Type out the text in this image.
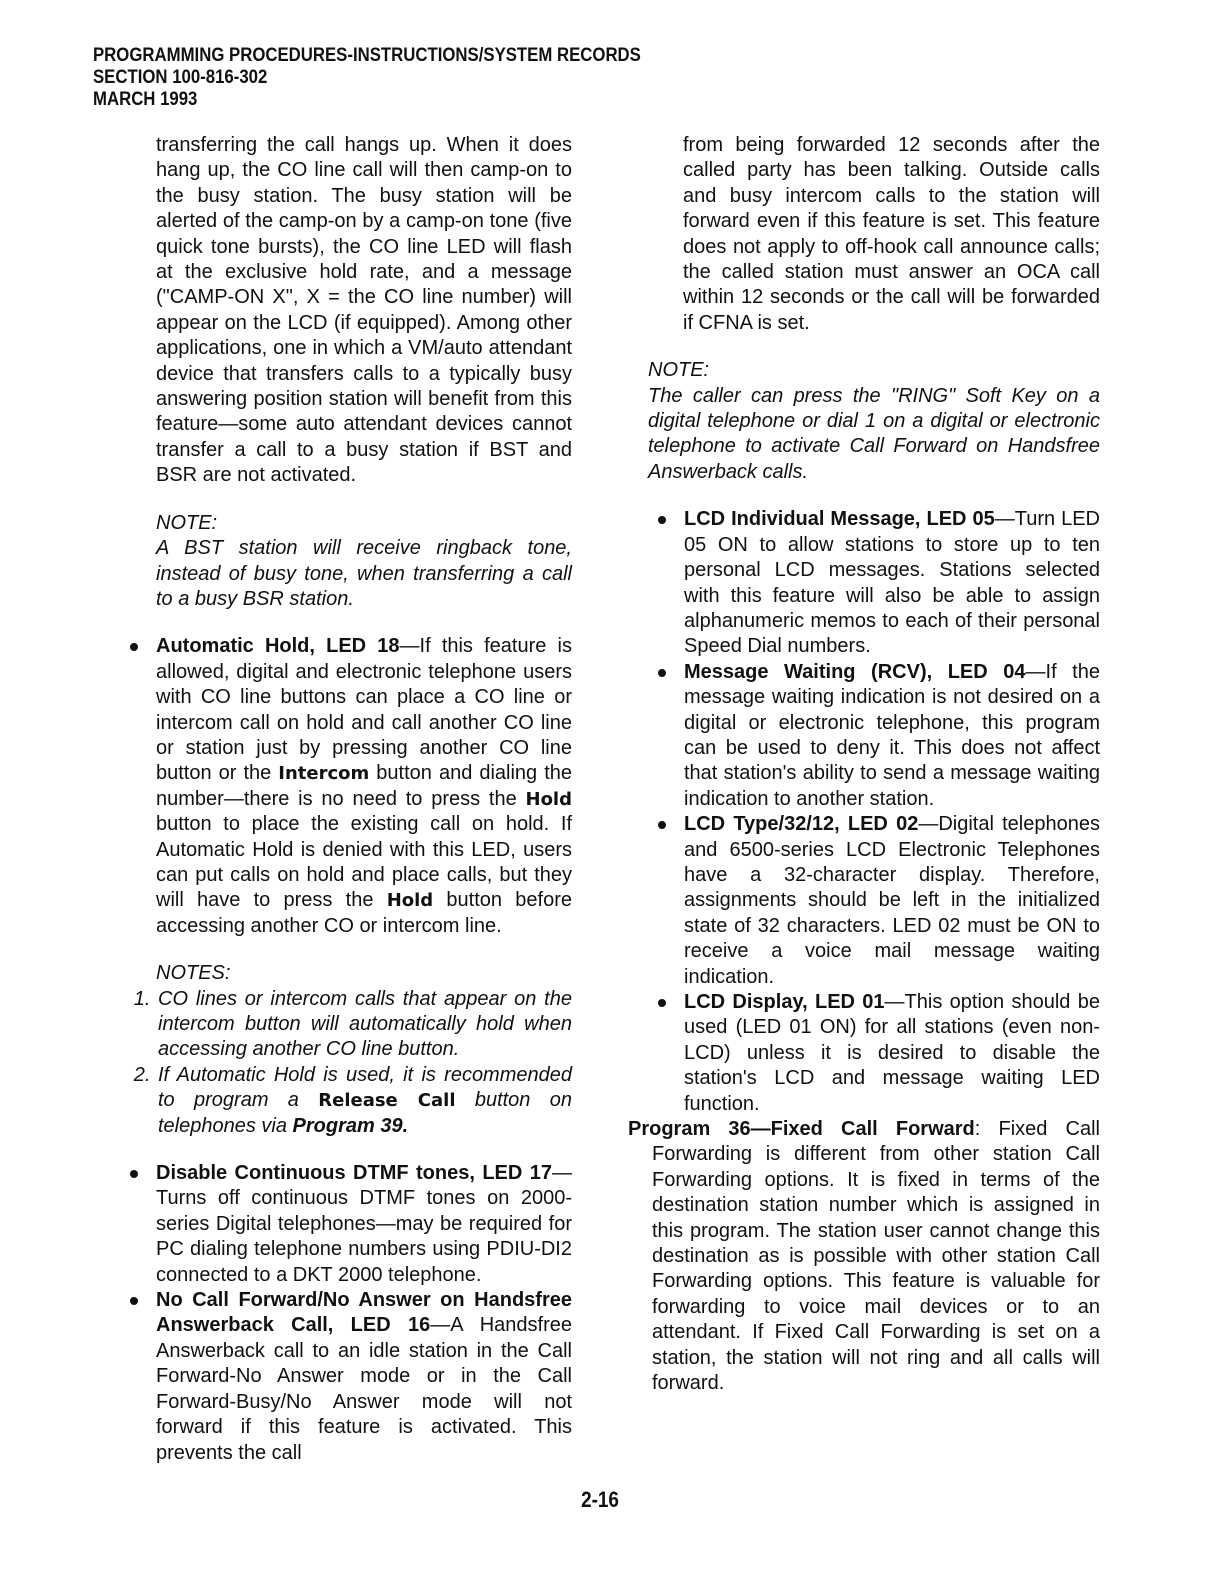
PROGRAMMING PROCEDURES-INSTRUCTIONS/SYSTEM RECORDS
SECTION 100-816-302
MARCH 1993

transferring the call hangs up. When it does hang up, the CO line call will then camp-on to the busy station. The busy station will be alerted of the camp-on by a camp-on tone (five quick tone bursts), the CO line LED will flash at the exclusive hold rate, and a message ("CAMP-ON X", X = the CO line number) will appear on the LCD (if equipped). Among other applications, one in which a VM/auto attendant device that transfers calls to a typically busy answering position station will benefit from this feature—some auto attendant devices cannot transfer a call to a busy station if BST and BSR are not activated.

NOTE:

A BST station will receive ringback tone, instead of busy tone, when transferring a call to a busy BSR station.

Automatic Hold, LED 18—If this feature is allowed, digital and electronic telephone users with CO line buttons can place a CO line or intercom call on hold and call another CO line or station just by pressing another CO line button or the Intercom button and dialing the number—there is no need to press the Hold button to place the existing call on hold. If Automatic Hold is denied with this LED, users can put calls on hold and place calls, but they will have to press the Hold button before accessing another CO or intercom line.

NOTES:

1. CO lines or intercom calls that appear on the intercom button will automatically hold when accessing another CO line button.
2. If Automatic Hold is used, it is recommended to program a Release Call button on telephones via Program 39.

Disable Continuous DTMF tones, LED 17— Turns off continuous DTMF tones on 2000-series Digital telephones—may be required for PC dialing telephone numbers using PDIU-DI2 connected to a DKT 2000 telephone.

No Call Forward/No Answer on Handsfree Answerback Call, LED 16—A Handsfree Answerback call to an idle station in the Call Forward-No Answer mode or in the Call Forward-Busy/No Answer mode will not forward if this feature is activated. This prevents the call

from being forwarded 12 seconds after the called party has been talking. Outside calls and busy intercom calls to the station will forward even if this feature is set. This feature does not apply to off-hook call announce calls; the called station must answer an OCA call within 12 seconds or the call will be forwarded if CFNA is set.

NOTE:

The caller can press the "RING" Soft Key on a digital telephone or dial 1 on a digital or electronic telephone to activate Call Forward on Handsfree Answerback calls.

LCD Individual Message, LED 05—Turn LED 05 ON to allow stations to store up to ten personal LCD messages. Stations selected with this feature will also be able to assign alphanumeric memos to each of their personal Speed Dial numbers.

Message Waiting (RCV), LED 04—If the message waiting indication is not desired on a digital or electronic telephone, this program can be used to deny it. This does not affect that station's ability to send a message waiting indication to another station.

LCD Type/32/12, LED 02—Digital telephones and 6500-series LCD Electronic Telephones have a 32-character display. Therefore, assignments should be left in the initialized state of 32 characters. LED 02 must be ON to receive a voice mail message waiting indication.

LCD Display, LED 01—This option should be used (LED 01 ON) for all stations (even non-LCD) unless it is desired to disable the station's LCD and message waiting LED function.

Program 36—Fixed Call Forward: Fixed Call Forwarding is different from other station Call Forwarding options. It is fixed in terms of the destination station number which is assigned in this program. The station user cannot change this destination as is possible with other station Call Forwarding options. This feature is valuable for forwarding to voice mail devices or to an attendant. If Fixed Call Forwarding is set on a station, the station will not ring and all calls will forward.

2-16
